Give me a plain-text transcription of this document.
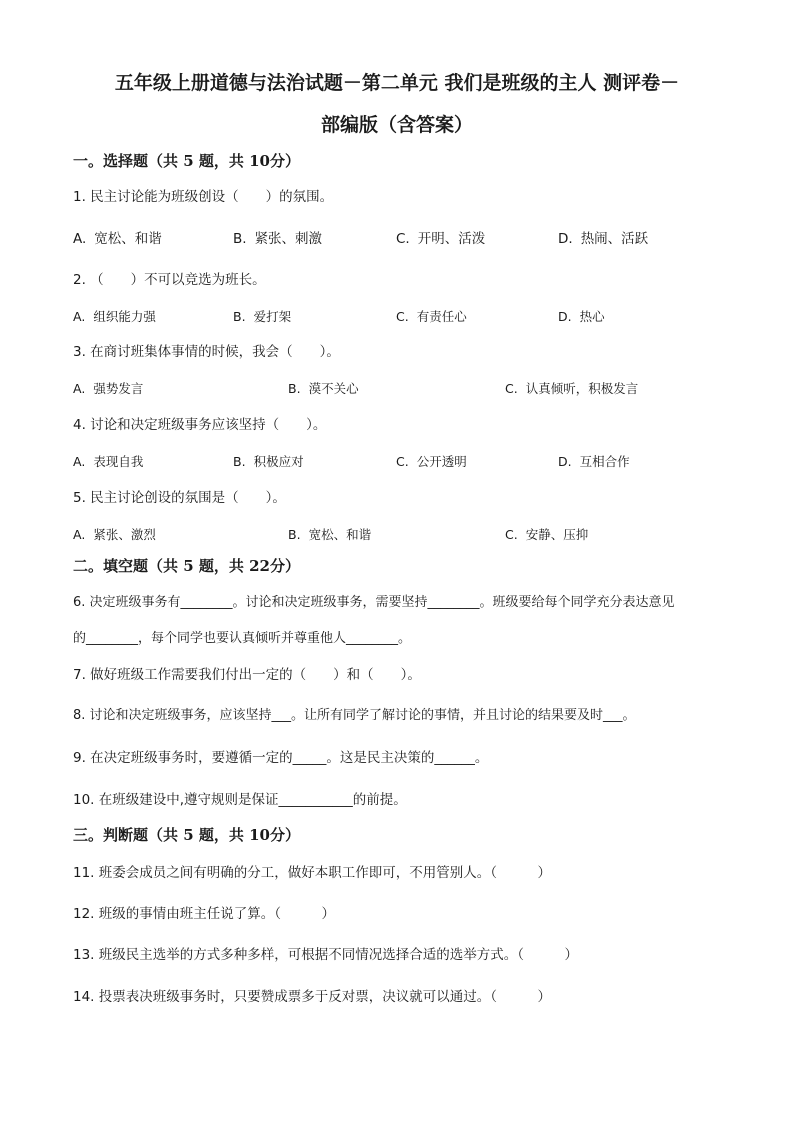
五年级上册道德与法治试题－第二单元 我们是班级的主人 测评卷－
部编版（含答案）
一。选择题（共 5 题，共 10分）
1. 民主讨论能为班级创设（　　）的氛围。
A. 宽松、和谐	B. 紧张、刺激	C. 开明、活泼	D. 热闹、活跃
2. （　　）不可以竞选为班长。
A. 组织能力强	B. 爱打架	C. 有责任心	D. 热心
3. 在商讨班集体事情的时候，我会（　　）。
A. 强势发言	B. 漠不关心	C. 认真倾听，积极发言
4. 讨论和决定班级事务应该坚持（　　）。
A. 表现自我	B. 积极应对	C. 公开透明	D. 互相合作
5. 民主讨论创设的氛围是（　　）。
A. 紧张、激烈	B. 宽松、和谐	C. 安静、压抑
二。填空题（共 5 题，共 22分）
6. 决定班级事务有________。讨论和决定班级事务，需要坚持________。班级要给每个同学充分表达意见
的________，每个同学也要认真倾听并尊重他人________。
7. 做好班级工作需要我们付出一定的（　　）和（　　）。
8. 讨论和决定班级事务，应该坚持___。让所有同学了解讨论的事情，并且讨论的结果要及时___。
9. 在决定班级事务时，要遵循一定的_____。这是民主决策的______。
10. 在班级建设中,遵守规则是保证___________的前提。
三。判断题（共 5 题，共 10分）
11. 班委会成员之间有明确的分工，做好本职工作即可，不用管别人。（　　　）
12. 班级的事情由班主任说了算。（　　　）
13. 班级民主选举的方式多种多样，可根据不同情况选择合适的选举方式。（　　　）
14. 投票表决班级事务时，只要赞成票多于反对票，决议就可以通过。（　　　）
